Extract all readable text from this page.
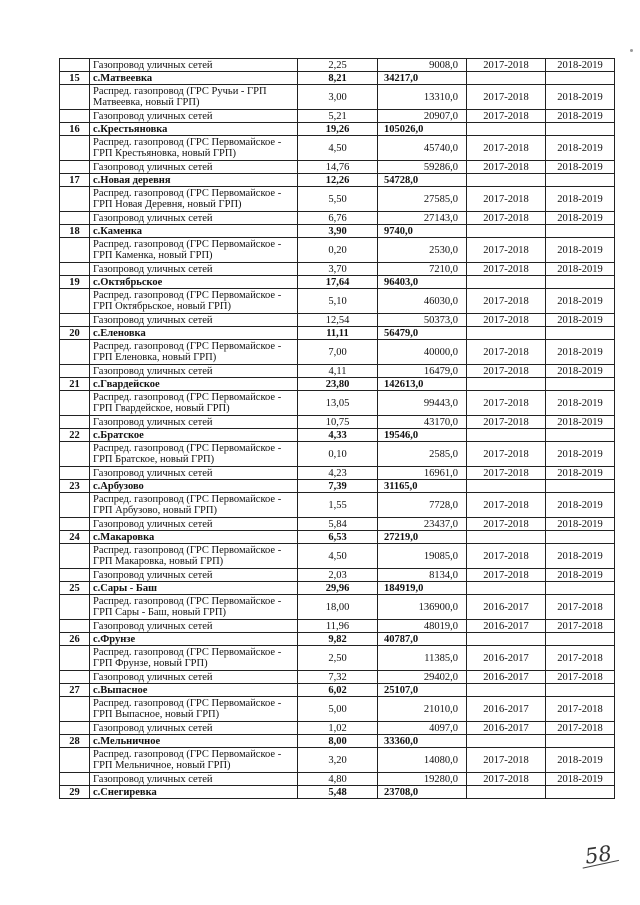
	Газопровод уличных сетей	2,25	9008,0	2017-2018	2018-2019
15	с.Матвеевка	8,21	34217,0		
	Распред. газопровод (ГРС Ручьи - ГРП Матвеевка, новый ГРП)	3,00	13310,0	2017-2018	2018-2019
	Газопровод уличных сетей	5,21	20907,0	2017-2018	2018-2019
16	с.Крестьяновка	19,26	105026,0		
	Распред. газопровод (ГРС Первомайское - ГРП Крестьяновка, новый ГРП)	4,50	45740,0	2017-2018	2018-2019
	Газопровод уличных сетей	14,76	59286,0	2017-2018	2018-2019
17	с.Новая деревня	12,26	54728,0		
	Распред. газопровод (ГРС Первомайское - ГРП Новая Деревня, новый ГРП)	5,50	27585,0	2017-2018	2018-2019
	Газопровод уличных сетей	6,76	27143,0	2017-2018	2018-2019
18	с.Каменка	3,90	9740,0		
	Распред. газопровод (ГРС Первомайское - ГРП Каменка, новый ГРП)	0,20	2530,0	2017-2018	2018-2019
	Газопровод уличных сетей	3,70	7210,0	2017-2018	2018-2019
19	с.Октябрьское	17,64	96403,0		
	Распред. газопровод (ГРС Первомайское - ГРП Октябрьское, новый ГРП)	5,10	46030,0	2017-2018	2018-2019
	Газопровод уличных сетей	12,54	50373,0	2017-2018	2018-2019
20	с.Еленовка	11,11	56479,0		
	Распред. газопровод (ГРС Первомайское - ГРП Еленовка, новый ГРП)	7,00	40000,0	2017-2018	2018-2019
	Газопровод уличных сетей	4,11	16479,0	2017-2018	2018-2019
21	с.Гвардейское	23,80	142613,0		
	Распред. газопровод (ГРС Первомайское - ГРП Гвардейское, новый ГРП)	13,05	99443,0	2017-2018	2018-2019
	Газопровод уличных сетей	10,75	43170,0	2017-2018	2018-2019
22	с.Братское	4,33	19546,0		
	Распред. газопровод (ГРС Первомайское - ГРП Братское, новый ГРП)	0,10	2585,0	2017-2018	2018-2019
	Газопровод уличных сетей	4,23	16961,0	2017-2018	2018-2019
23	с.Арбузово	7,39	31165,0		
	Распред. газопровод (ГРС Первомайское - ГРП Арбузово, новый ГРП)	1,55	7728,0	2017-2018	2018-2019
	Газопровод уличных сетей	5,84	23437,0	2017-2018	2018-2019
24	с.Макаровка	6,53	27219,0		
	Распред. газопровод (ГРС Первомайское - ГРП Макаровка, новый ГРП)	4,50	19085,0	2017-2018	2018-2019
	Газопровод уличных сетей	2,03	8134,0	2017-2018	2018-2019
25	с.Сары - Баш	29,96	184919,0		
	Распред. газопровод (ГРС Первомайское - ГРП Сары - Баш, новый ГРП)	18,00	136900,0	2016-2017	2017-2018
	Газопровод уличных сетей	11,96	48019,0	2016-2017	2017-2018
26	с.Фрунзе	9,82	40787,0		
	Распред. газопровод (ГРС Первомайское - ГРП Фрунзе, новый ГРП)	2,50	11385,0	2016-2017	2017-2018
	Газопровод уличных сетей	7,32	29402,0	2016-2017	2017-2018
27	с.Выпасное	6,02	25107,0		
	Распред. газопровод (ГРС Первомайское - ГРП Выпасное, новый ГРП)	5,00	21010,0	2016-2017	2017-2018
	Газопровод уличных сетей	1,02	4097,0	2016-2017	2017-2018
28	с.Мельничное	8,00	33360,0		
	Распред. газопровод (ГРС Первомайское - ГРП Мельничное, новый ГРП)	3,20	14080,0	2017-2018	2018-2019
	Газопровод уличных сетей	4,80	19280,0	2017-2018	2018-2019
29	с.Снегиревка	5,48	23708,0		
58
